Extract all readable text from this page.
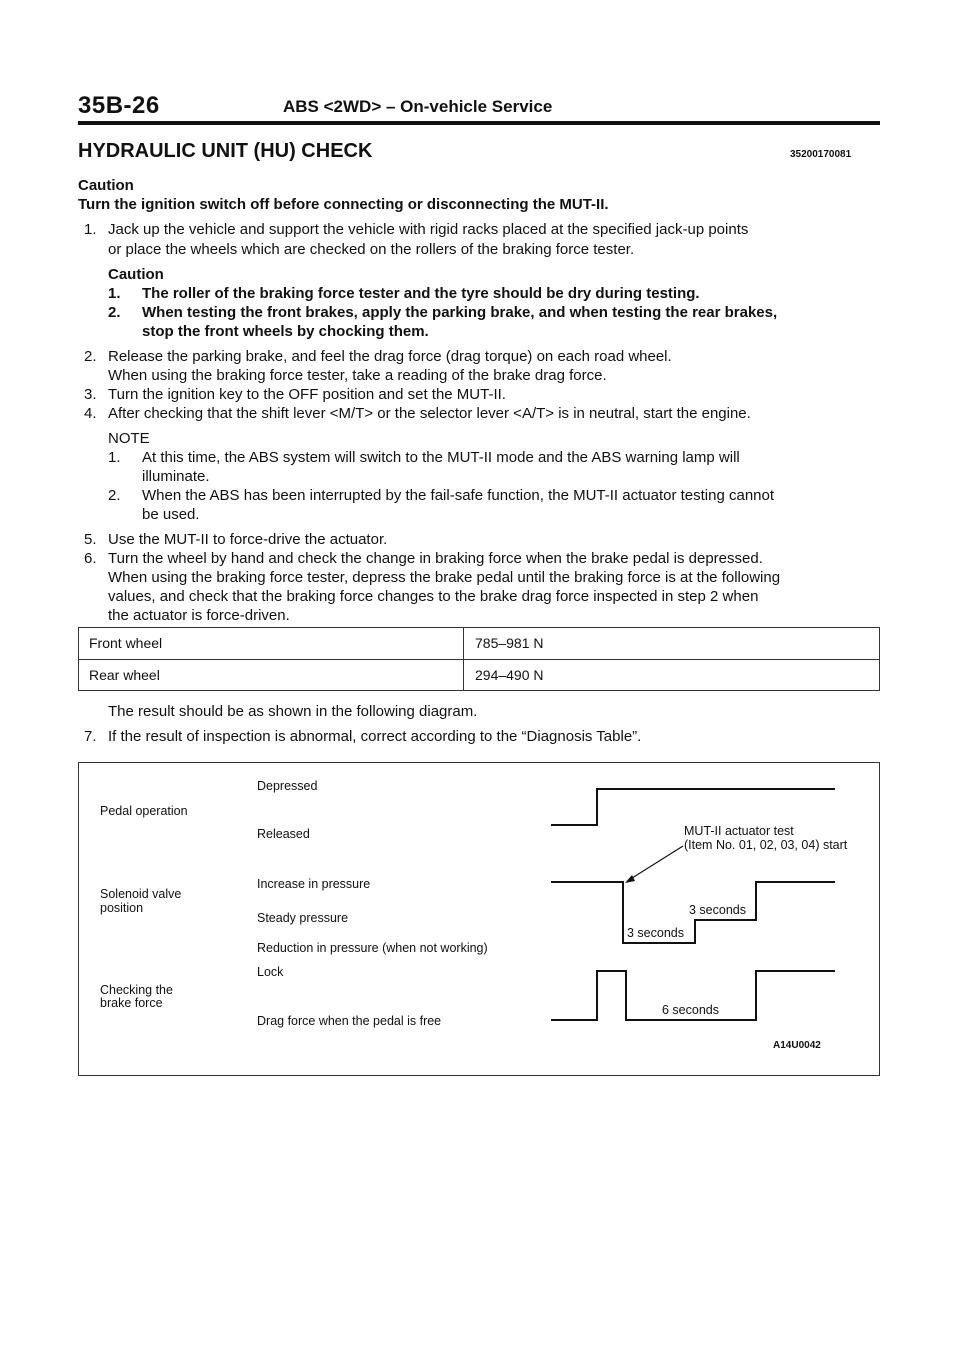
35B-26	ABS <2WD> – On-vehicle Service
HYDRAULIC UNIT (HU) CHECK	35200170081
Caution
Turn the ignition switch off before connecting or disconnecting the MUT-II.
1. Jack up the vehicle and support the vehicle with rigid racks placed at the specified jack-up points
or place the wheels which are checked on the rollers of the braking force tester.
Caution
1. The roller of the braking force tester and the tyre should be dry during testing.
2. When testing the front brakes, apply the parking brake, and when testing the rear brakes,
stop the front wheels by chocking them.
2. Release the parking brake, and feel the drag force (drag torque) on each road wheel.
When using the braking force tester, take a reading of the brake drag force.
3. Turn the ignition key to the OFF position and set the MUT-II.
4. After checking that the shift lever <M/T> or the selector lever <A/T> is in neutral, start the engine.
NOTE
1. At this time, the ABS system will switch to the MUT-II mode and the ABS warning lamp will
illuminate.
2. When the ABS has been interrupted by the fail-safe function, the MUT-II actuator testing cannot
be used.
5. Use the MUT-II to force-drive the actuator.
6. Turn the wheel by hand and check the change in braking force when the brake pedal is depressed.
When using the braking force tester, depress the brake pedal until the braking force is at the following
values, and check that the braking force changes to the brake drag force inspected in step 2 when
the actuator is force-driven.
Front wheel	785–981 N
Rear wheel	294–490 N
The result should be as shown in the following diagram.
7. If the result of inspection is abnormal, correct according to the “Diagnosis Table”.
Pedal operation
Depressed
Released
Solenoid valve
position
Increase in pressure
Steady pressure
Reduction in pressure (when not working)
Checking the
brake force
Lock
Drag force when the pedal is free
MUT-II actuator test
(Item No. 01, 02, 03, 04) start
3 seconds
3 seconds
6 seconds
A14U0042
